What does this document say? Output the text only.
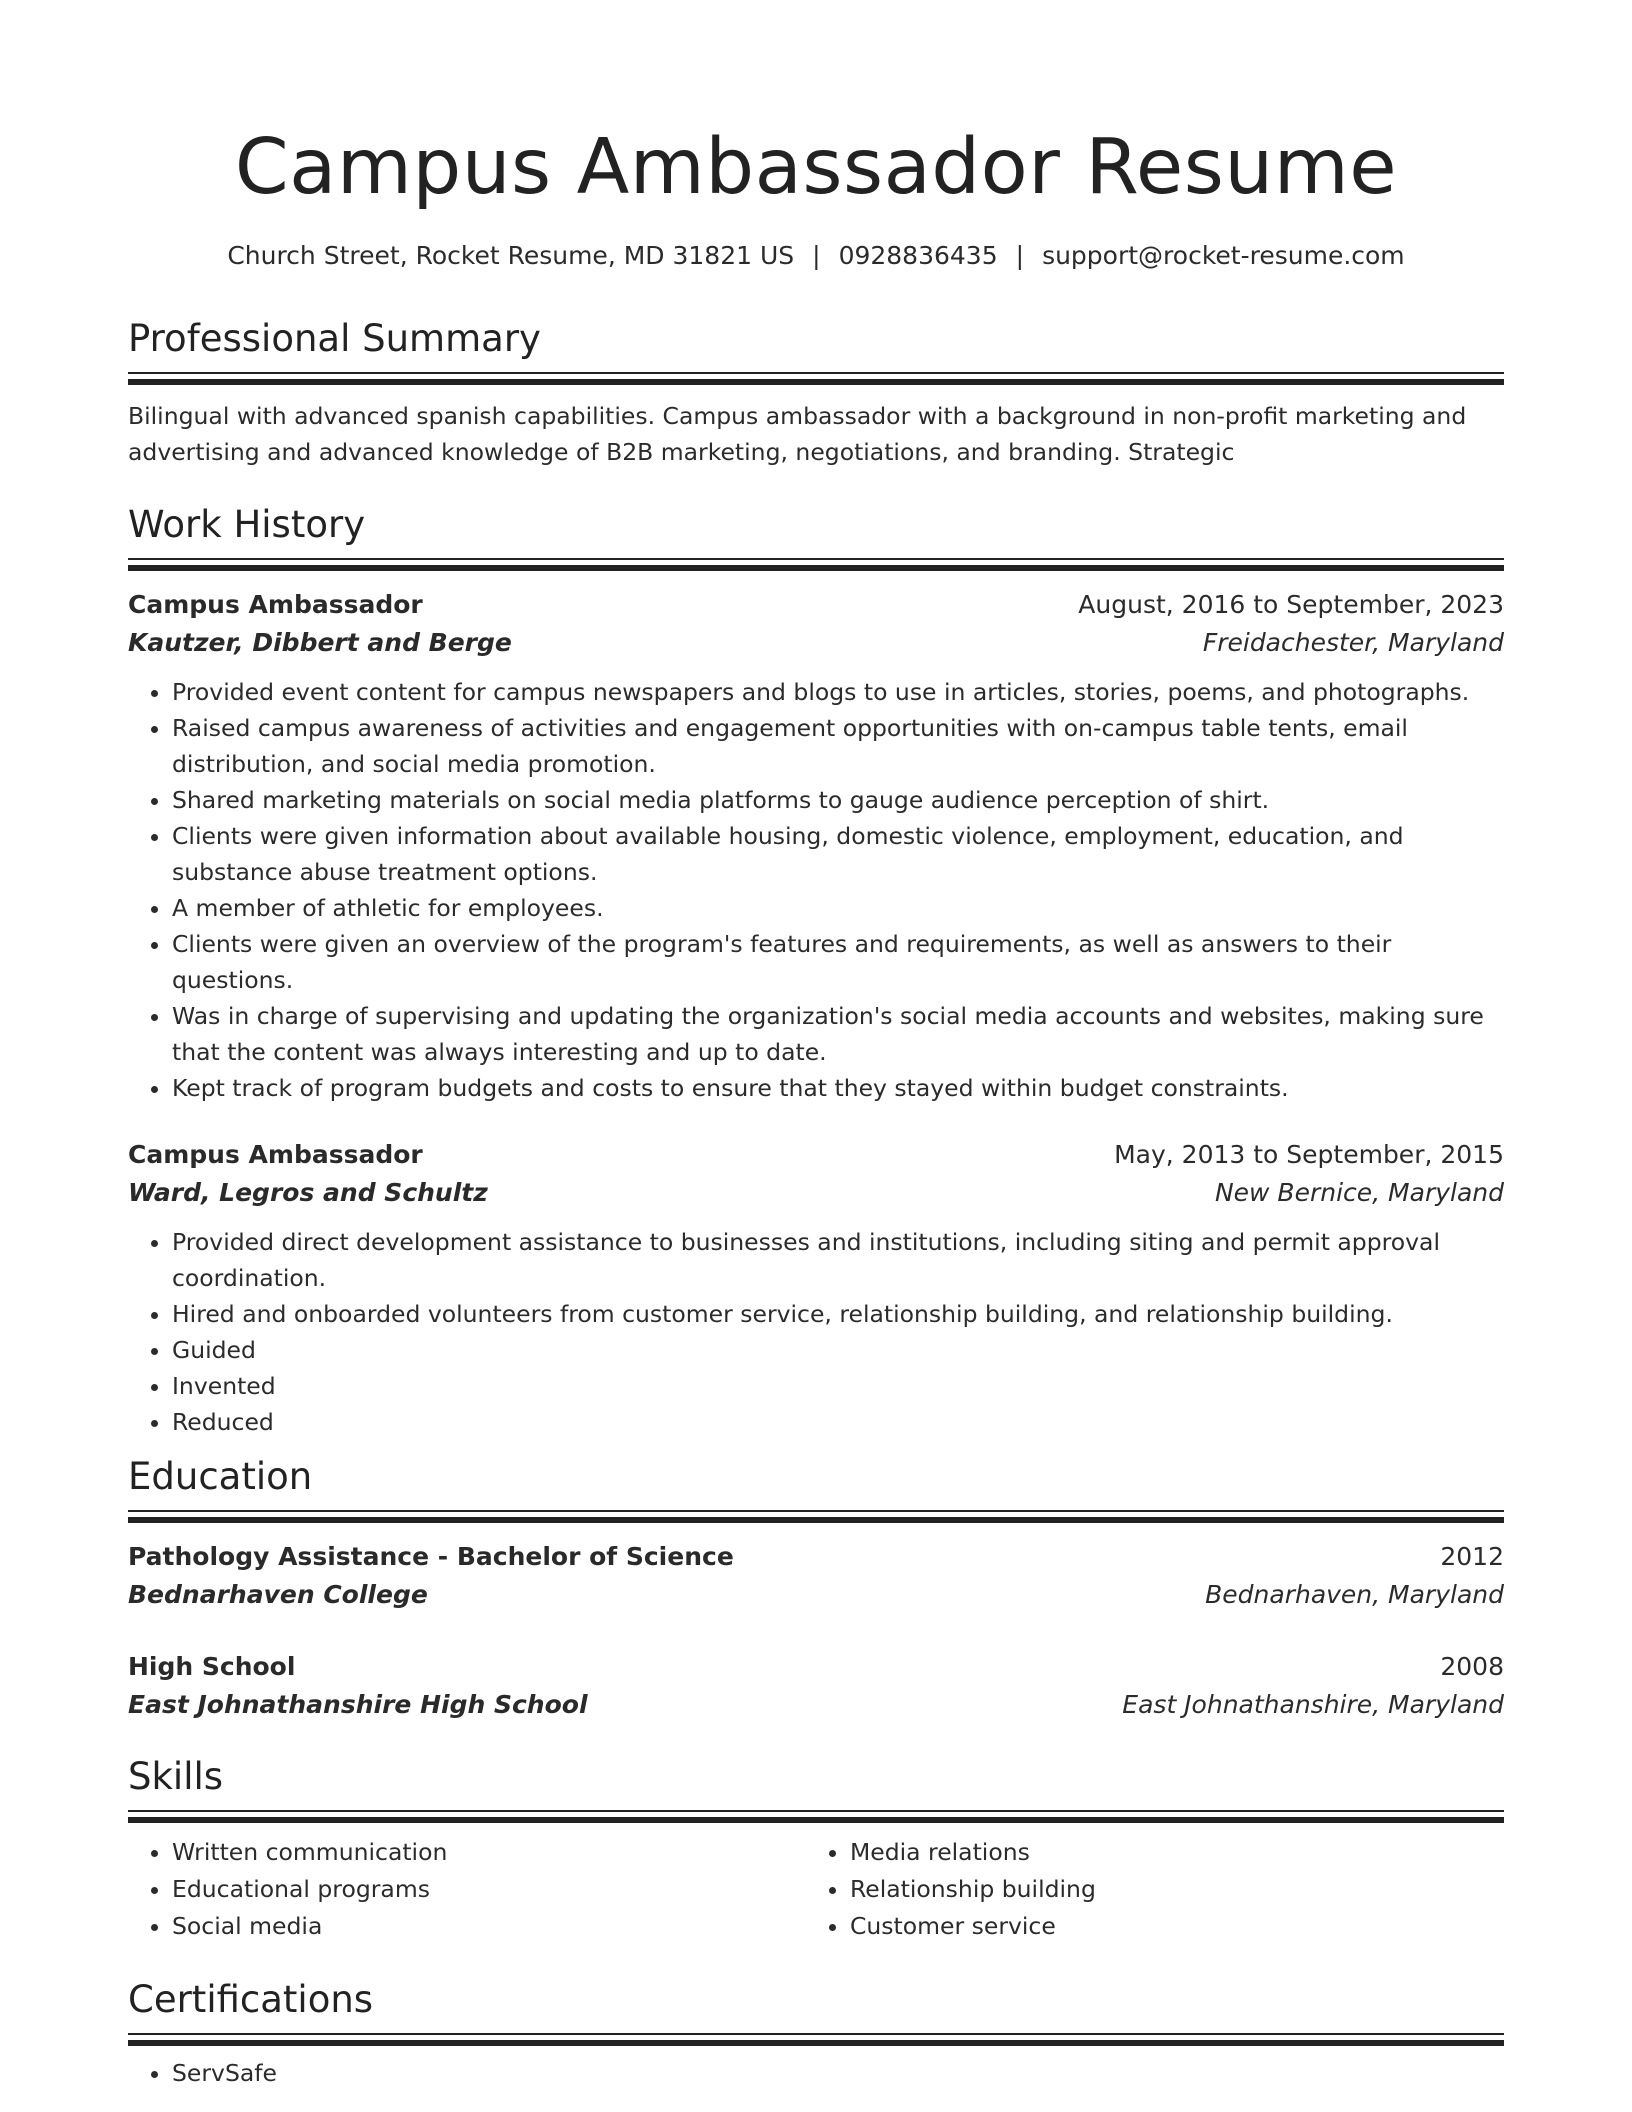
Campus Ambassador Resume
Church Street, Rocket Resume, MD 31821 US | 0928836435 | support@rocket-resume.com
Professional Summary

Bilingual with advanced spanish capabilities. Campus ambassador with a background in non-profit marketing and advertising and advanced knowledge of B2B marketing, negotiations, and branding. Strategic

Work History
Campus Ambassador	August, 2016 to September, 2023
Kautzer, Dibbert and Berge	Freidachester, Maryland
• Provided event content for campus newspapers and blogs to use in articles, stories, poems, and photographs.
• Raised campus awareness of activities and engagement opportunities with on-campus table tents, email distribution, and social media promotion.
• Shared marketing materials on social media platforms to gauge audience perception of shirt.
• Clients were given information about available housing, domestic violence, employment, education, and substance abuse treatment options.
• A member of athletic for employees.
• Clients were given an overview of the program's features and requirements, as well as answers to their questions.
• Was in charge of supervising and updating the organization's social media accounts and websites, making sure that the content was always interesting and up to date.
• Kept track of program budgets and costs to ensure that they stayed within budget constraints.
Campus Ambassador	May, 2013 to September, 2015
Ward, Legros and Schultz	New Bernice, Maryland
• Provided direct development assistance to businesses and institutions, including siting and permit approval coordination.
• Hired and onboarded volunteers from customer service, relationship building, and relationship building.
• Guided
• Invented
• Reduced
Education
Pathology Assistance - Bachelor of Science	2012
Bednarhaven College	Bednarhaven, Maryland
High School	2008
East Johnathanshire High School	East Johnathanshire, Maryland
Skills
• Written communication
• Educational programs
• Social media
• Media relations
• Relationship building
• Customer service
Certifications
• ServSafe
